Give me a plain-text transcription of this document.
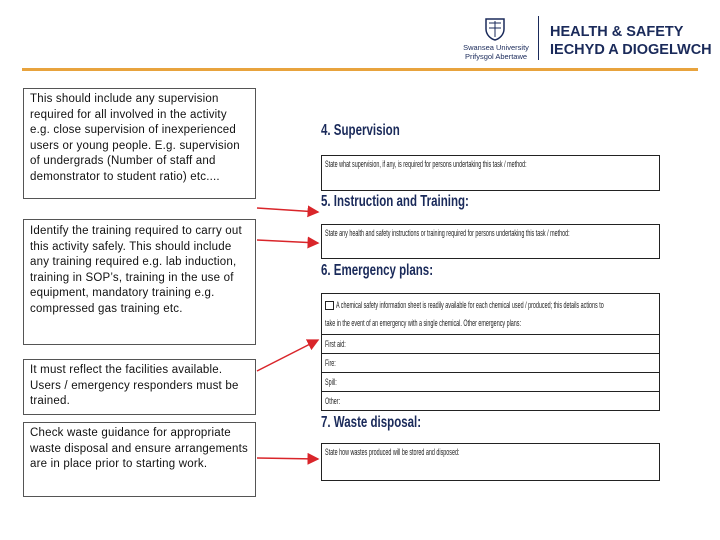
Swansea University
Prifysgol Abertawe
HEALTH & SAFETY
IECHYD A DIOGELWCH
This should include any supervision required for all involved in the activity e.g. close supervision of inexperienced users or young people. E.g. supervision of undergrads (Number of staff and demonstrator to student ratio) etc....
Identify the training required to carry out this activity safely. This should include any training required e.g. lab induction, training in SOP’s, training in the use of equipment, mandatory training e.g. compressed gas training etc.
It must reflect the facilities available. Users / emergency responders must be trained.
Check waste guidance for appropriate waste disposal and ensure arrangements are in place prior to starting work.
4. Supervision
State what supervision, if any, is required for persons undertaking this task / method:
5. Instruction and Training:
State any health and safety instructions or training required for persons undertaking this task / method:
6. Emergency plans:
A chemical safety information sheet is readily available for each chemical used / produced; this details actions to
take in the event of an emergency with a single chemical. Other emergency plans:
First aid:
Fire:
Spill:
Other:
7. Waste disposal:
State how wastes produced will be stored and disposed:
